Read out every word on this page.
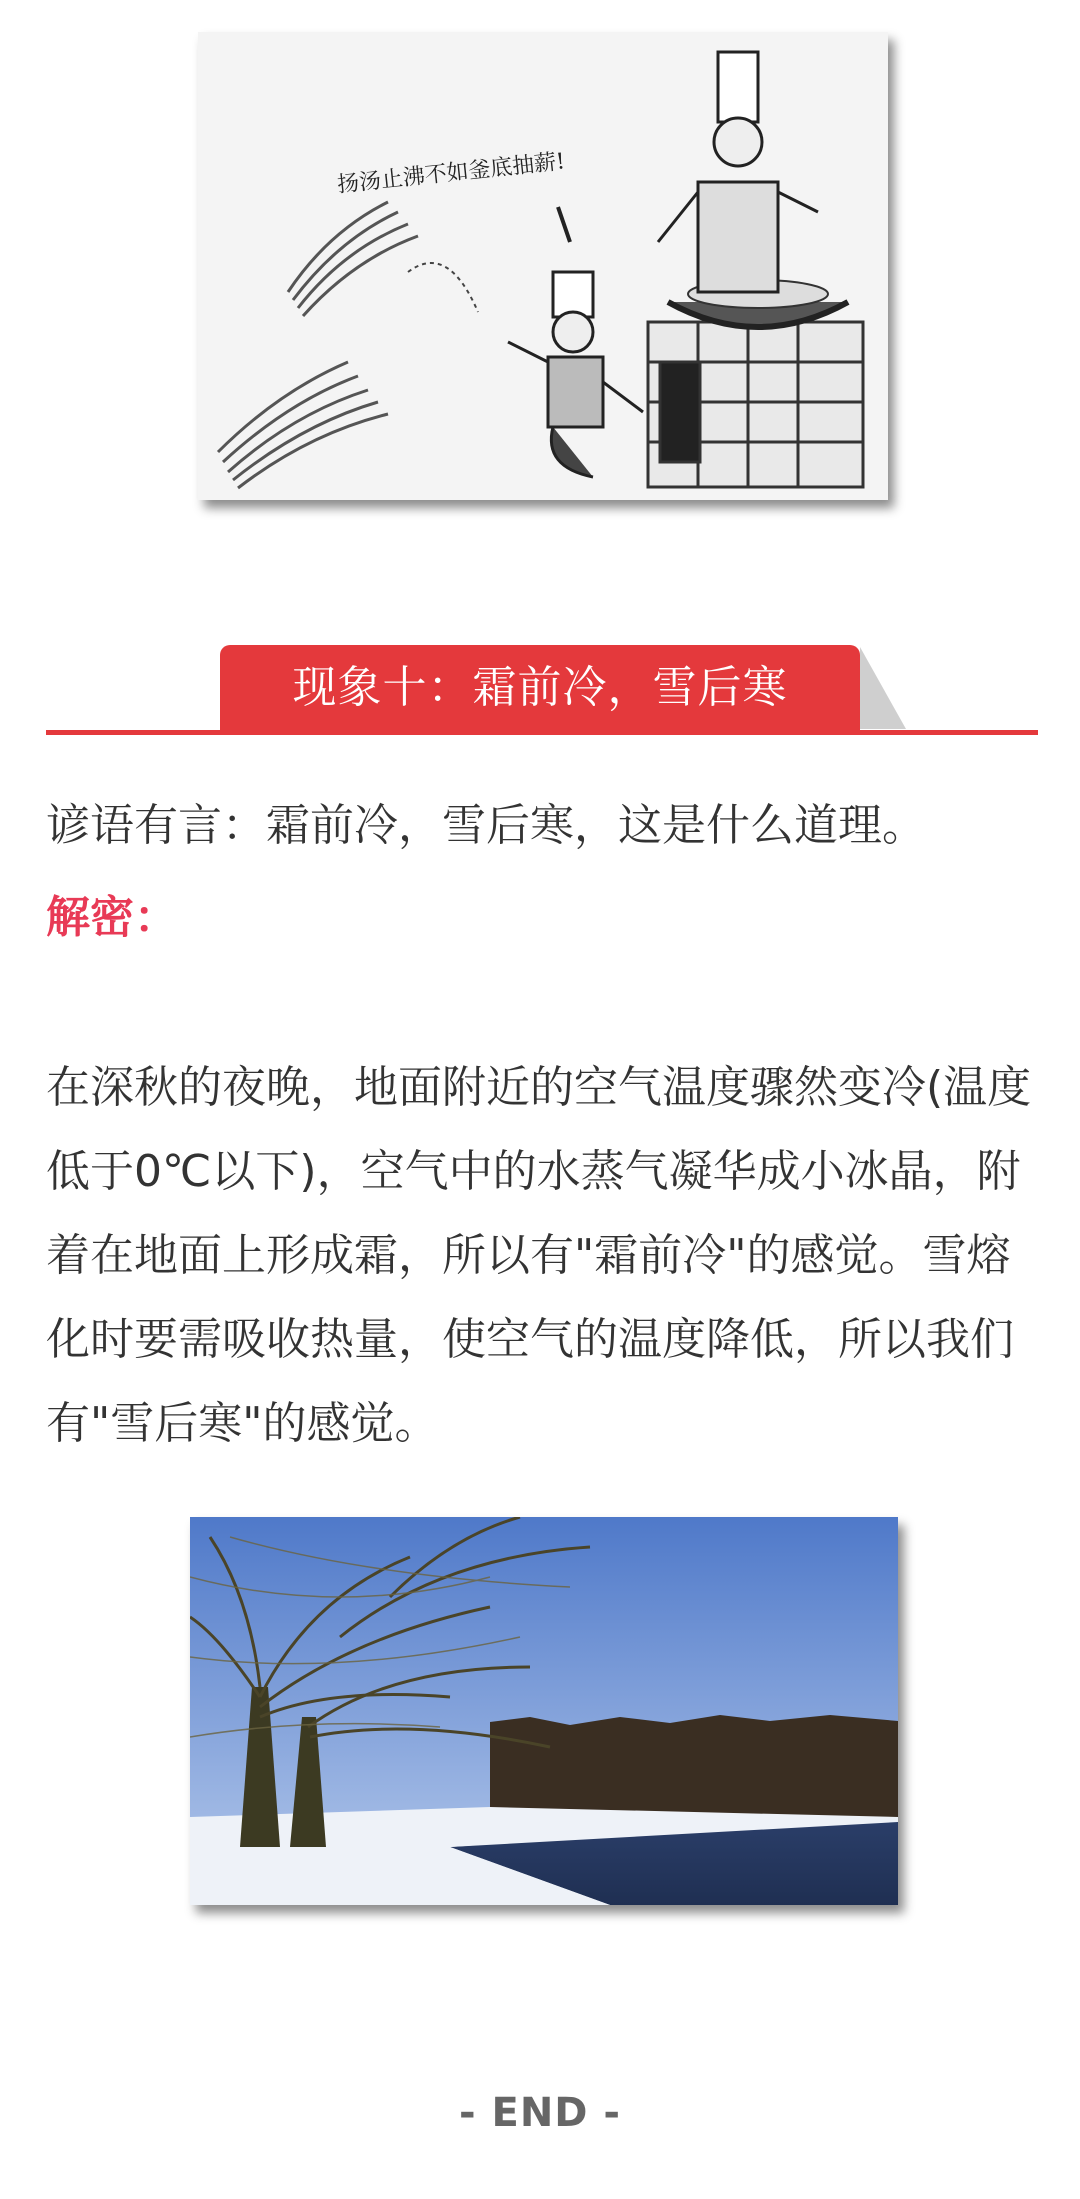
扬汤止沸不如釜底抽薪!
现象十：霜前冷，雪后寒
谚语有言：霜前冷，雪后寒，这是什么道理。
解密：
在深秋的夜晚，地面附近的空气温度骤然变冷(温度低于0℃以下)，空气中的水蒸气凝华成小冰晶，附着在地面上形成霜，所以有"霜前冷"的感觉。雪熔化时要需吸收热量，使空气的温度降低，所以我们有"雪后寒"的感觉。
- END -
